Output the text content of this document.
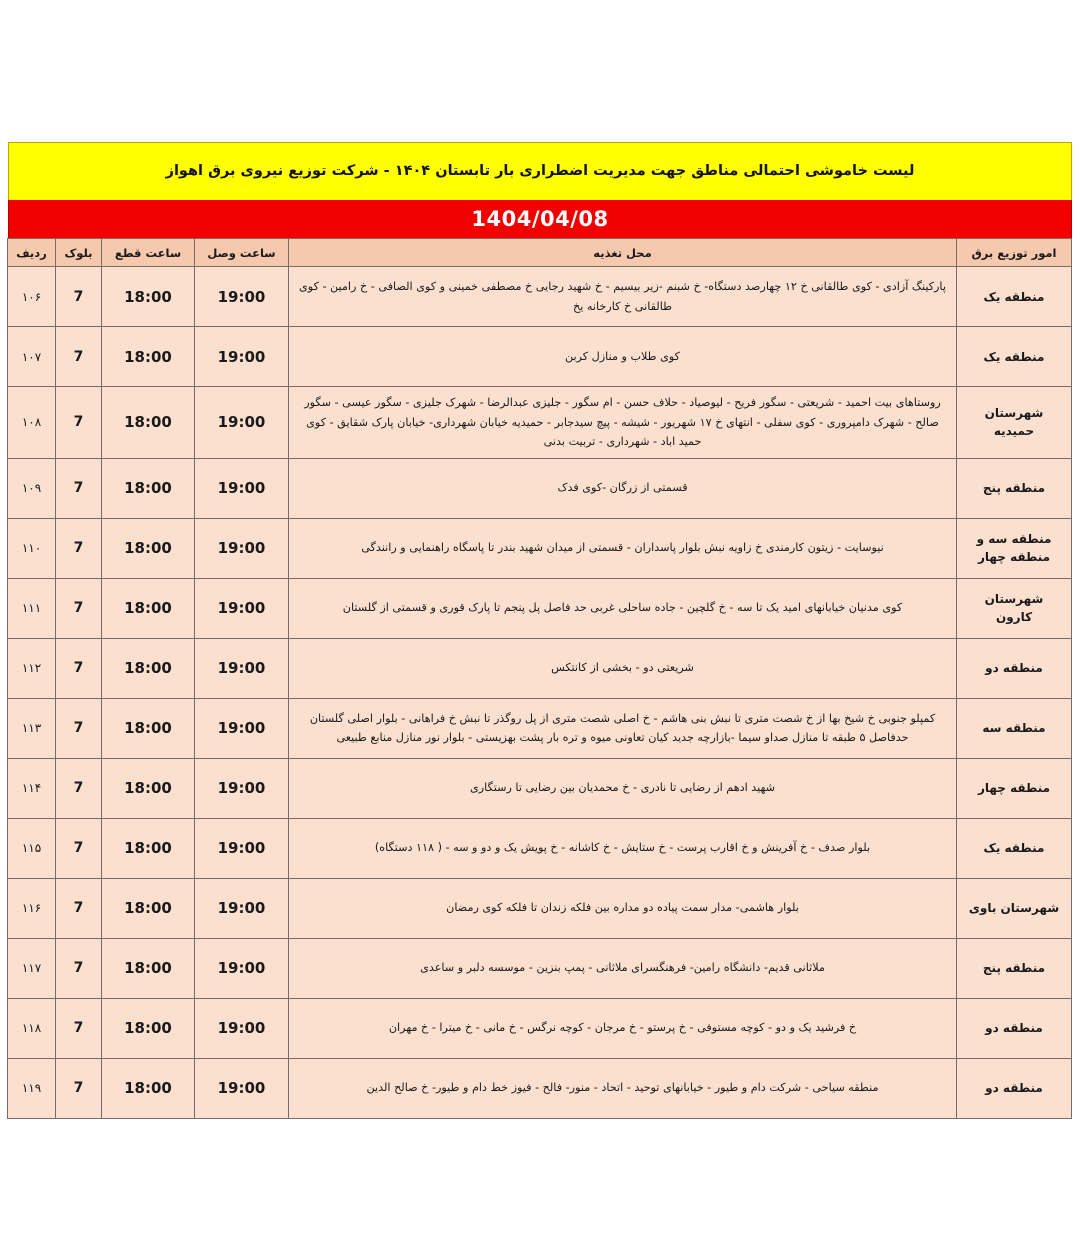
لیست خاموشی احتمالی مناطق جهت مدیریت اضطراری بار تابستان ۱۴۰۴ - شرکت توزیع نیروی برق اهواز
1404/04/08
امور توزیع برق	محل تغذیه	ساعت وصل	ساعت قطع	بلوک	ردیف
منطقه یک	پارکینگ آزادی - کوی طالقانی خ ۱۲ چهارصد دستگاه- خ شبنم -زیر بیسیم - خ شهید رجایی خ مصطفی خمینی و کوی الصافی - خ رامین - کوی طالقانی خ کارخانه یخ	19:00	18:00	7	۱۰۶
منطقه یک	کوی طلاب و منازل کربن	19:00	18:00	7	۱۰۷
شهرستان حمیدیه	روستاهای بیت احمید - شریعتی - سگور فریح - لیوصیاد - حلاف حسن - ام سگور - جلیزی عبدالرضا - شهرک جلیزی - سگور عیسی - سگور صالح - شهرک دامپروری - کوی سفلی - انتهای خ ۱۷ شهریور - شیشه - پیچ سیدجابر - حمیدیه خیابان شهرداری- خیابان پارک شقایق - کوی حمید اباد - شهرداری - تربیت بدنی	19:00	18:00	7	۱۰۸
منطقه پنج	قسمتی از زرگان -کوی فدک	19:00	18:00	7	۱۰۹
منطقه سه و منطقه چهار	نیوسایت - زیتون کارمندی خ زاویه نبش بلوار پاسداران - قسمتی از میدان شهید بندر تا پاسگاه راهنمایی و رانندگی	19:00	18:00	7	۱۱۰
شهرستان کارون	کوی مدنیان خیابانهای امید یک تا سه - خ گلچین - جاده ساحلی غربی حد فاصل پل پنجم تا پارک قوری و قسمتی از گلستان	19:00	18:00	7	۱۱۱
منطقه دو	شریعتی دو - بخشی از کانتکس	19:00	18:00	7	۱۱۲
منطقه سه	کمپلو جنوبی خ شیخ بها از خ شصت متری تا نبش بنی هاشم - خ اصلی شصت متری از پل روگذر تا نبش خ فراهانی - بلوار اصلی گلستان حدفاصل ۵ طبقه تا منازل صداو سیما -بازارچه جدید کیان تعاونی میوه و تره بار پشت بهزیستی - بلوار نور منازل منابع طبیعی	19:00	18:00	7	۱۱۳
منطقه چهار	شهید ادهم از رضایی تا نادری - خ محمدیان بین رضایی تا رستگاری	19:00	18:00	7	۱۱۴
منطقه یک	بلوار صدف - خ آفرینش و خ اقارب پرست - خ ستایش - خ کاشانه - خ پویش یک و دو و سه - ( ۱۱۸ دستگاه)	19:00	18:00	7	۱۱۵
شهرستان باوی	بلوار هاشمی- مدار سمت پیاده دو مداره بین فلکه زندان تا فلکه کوی رمضان	19:00	18:00	7	۱۱۶
منطقه پنج	ملاثانی قدیم- دانشگاه رامین- فرهنگسرای ملاثانی - پمپ بنزین - موسسه دلبر و ساعدی	19:00	18:00	7	۱۱۷
منطقه دو	خ فرشید یک و دو - کوچه مستوفی - خ پرستو - خ مرجان - کوچه نرگس - خ مانی - خ میترا - خ مهران	19:00	18:00	7	۱۱۸
منطقه دو	منطقه سیاحی - شرکت دام و طیور - خیابانهای توحید - اتحاد - منور- فالح - فیوز خط دام و طیور- خ صالح الدین	19:00	18:00	7	۱۱۹
